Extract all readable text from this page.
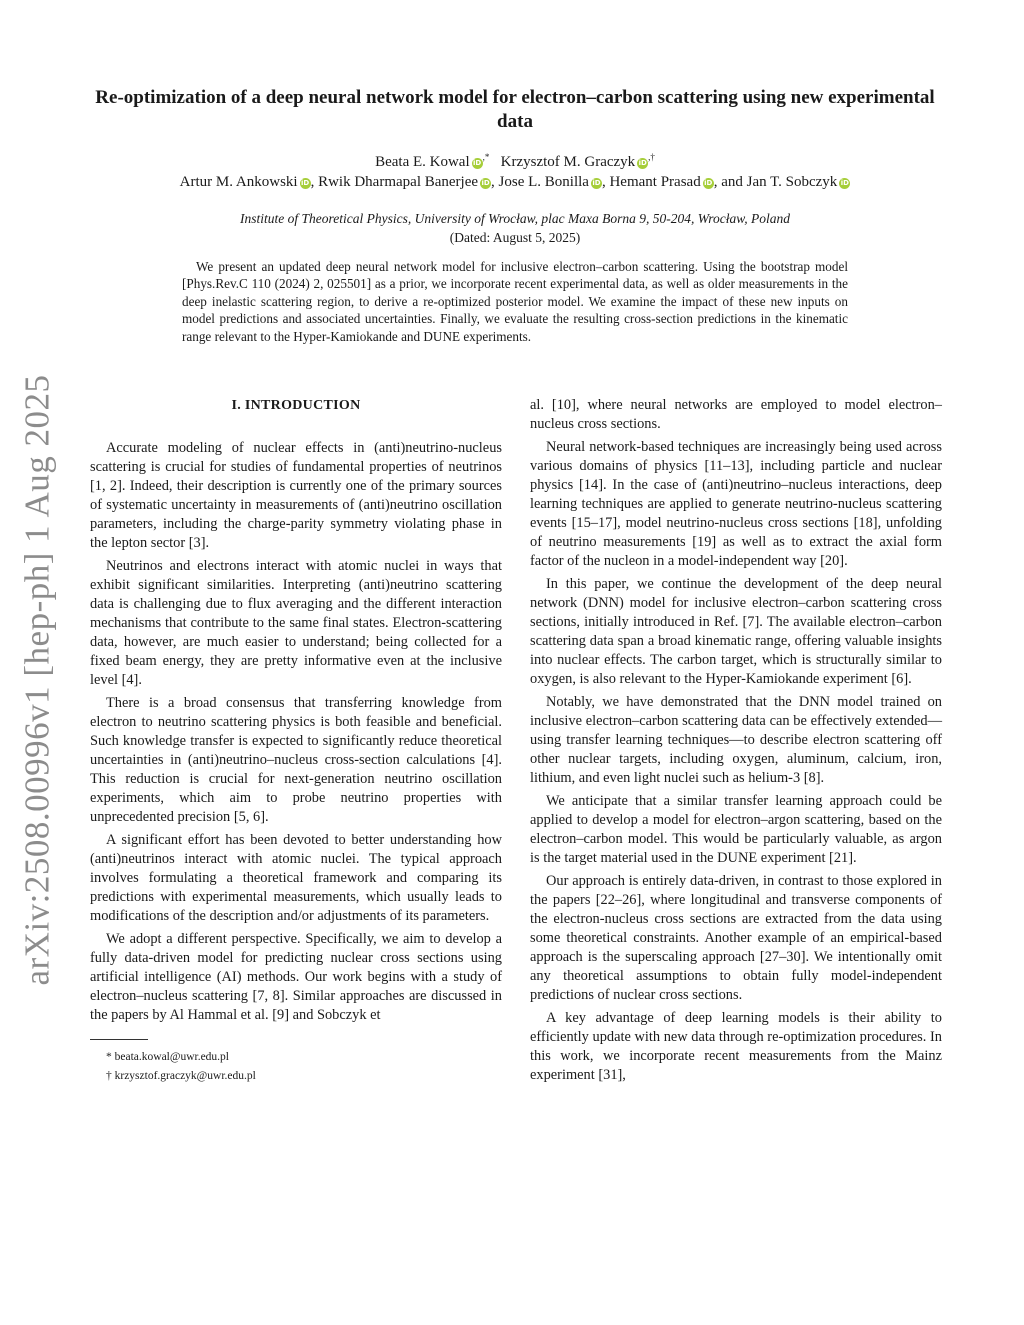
arXiv:2508.00996v1 [hep-ph] 1 Aug 2025
Re-optimization of a deep neural network model for electron–carbon scattering using new experimental data
Beata E. Kowal iD,* Krzysztof M. Graczyk iD,†
Artur M. Ankowski iD, Rwik Dharmapal Banerjee iD, Jose L. Bonilla iD, Hemant Prasad iD, and Jan T. Sobczyk iD
Institute of Theoretical Physics, University of Wrocław, plac Maxa Borna 9, 50-204, Wrocław, Poland
(Dated: August 5, 2025)
We present an updated deep neural network model for inclusive electron–carbon scattering. Using the bootstrap model [Phys.Rev.C 110 (2024) 2, 025501] as a prior, we incorporate recent experimental data, as well as older measurements in the deep inelastic scattering region, to derive a re-optimized posterior model. We examine the impact of these new inputs on model predictions and associated uncertainties. Finally, we evaluate the resulting cross-section predictions in the kinematic range relevant to the Hyper-Kamiokande and DUNE experiments.
I. INTRODUCTION

Accurate modeling of nuclear effects in (anti)neutrino-nucleus scattering is crucial for studies of fundamental properties of neutrinos [1, 2]. Indeed, their description is currently one of the primary sources of systematic uncertainty in measurements of (anti)neutrino oscillation parameters, including the charge-parity symmetry violating phase in the lepton sector [3].

Neutrinos and electrons interact with atomic nuclei in ways that exhibit significant similarities. Interpreting (anti)neutrino scattering data is challenging due to flux averaging and the different interaction mechanisms that contribute to the same final states. Electron-scattering data, however, are much easier to understand; being collected for a fixed beam energy, they are pretty informative even at the inclusive level [4].

There is a broad consensus that transferring knowledge from electron to neutrino scattering physics is both feasible and beneficial. Such knowledge transfer is expected to significantly reduce theoretical uncertainties in (anti)neutrino–nucleus cross-section calculations [4]. This reduction is crucial for next-generation neutrino oscillation experiments, which aim to probe neutrino properties with unprecedented precision [5, 6].

A significant effort has been devoted to better understanding how (anti)neutrinos interact with atomic nuclei. The typical approach involves formulating a theoretical framework and comparing its predictions with experimental measurements, which usually leads to modifications of the description and/or adjustments of its parameters.

We adopt a different perspective. Specifically, we aim to develop a fully data-driven model for predicting nuclear cross sections using artificial intelligence (AI) methods. Our work begins with a study of electron–nucleus scattering [7, 8]. Similar approaches are discussed in the papers by Al Hammal et al. [9] and Sobczyk et

* beata.kowal@uwr.edu.pl

† krzysztof.graczyk@uwr.edu.pl

al. [10], where neural networks are employed to model electron–nucleus cross sections.

Neural network-based techniques are increasingly being used across various domains of physics [11–13], including particle and nuclear physics [14]. In the case of (anti)neutrino–nucleus interactions, deep learning techniques are applied to generate neutrino-nucleus scattering events [15–17], model neutrino-nucleus cross sections [18], unfolding of neutrino measurements [19] as well as to extract the axial form factor of the nucleon in a model-independent way [20].

In this paper, we continue the development of the deep neural network (DNN) model for inclusive electron–carbon scattering cross sections, initially introduced in Ref. [7]. The available electron–carbon scattering data span a broad kinematic range, offering valuable insights into nuclear effects. The carbon target, which is structurally similar to oxygen, is also relevant to the Hyper-Kamiokande experiment [6].

Notably, we have demonstrated that the DNN model trained on inclusive electron–carbon scattering data can be effectively extended—using transfer learning techniques—to describe electron scattering off other nuclear targets, including oxygen, aluminum, calcium, iron, lithium, and even light nuclei such as helium-3 [8].

We anticipate that a similar transfer learning approach could be applied to develop a model for electron–argon scattering, based on the electron–carbon model. This would be particularly valuable, as argon is the target material used in the DUNE experiment [21].

Our approach is entirely data-driven, in contrast to those explored in the papers [22–26], where longitudinal and transverse components of the electron-nucleus cross sections are extracted from the data using some theoretical constraints. Another example of an empirical-based approach is the superscaling approach [27–30]. We intentionally omit any theoretical assumptions to obtain fully model-independent predictions of nuclear cross sections.

A key advantage of deep learning models is their ability to efficiently update with new data through re-optimization procedures. In this work, we incorporate recent measurements from the Mainz experiment [31],
